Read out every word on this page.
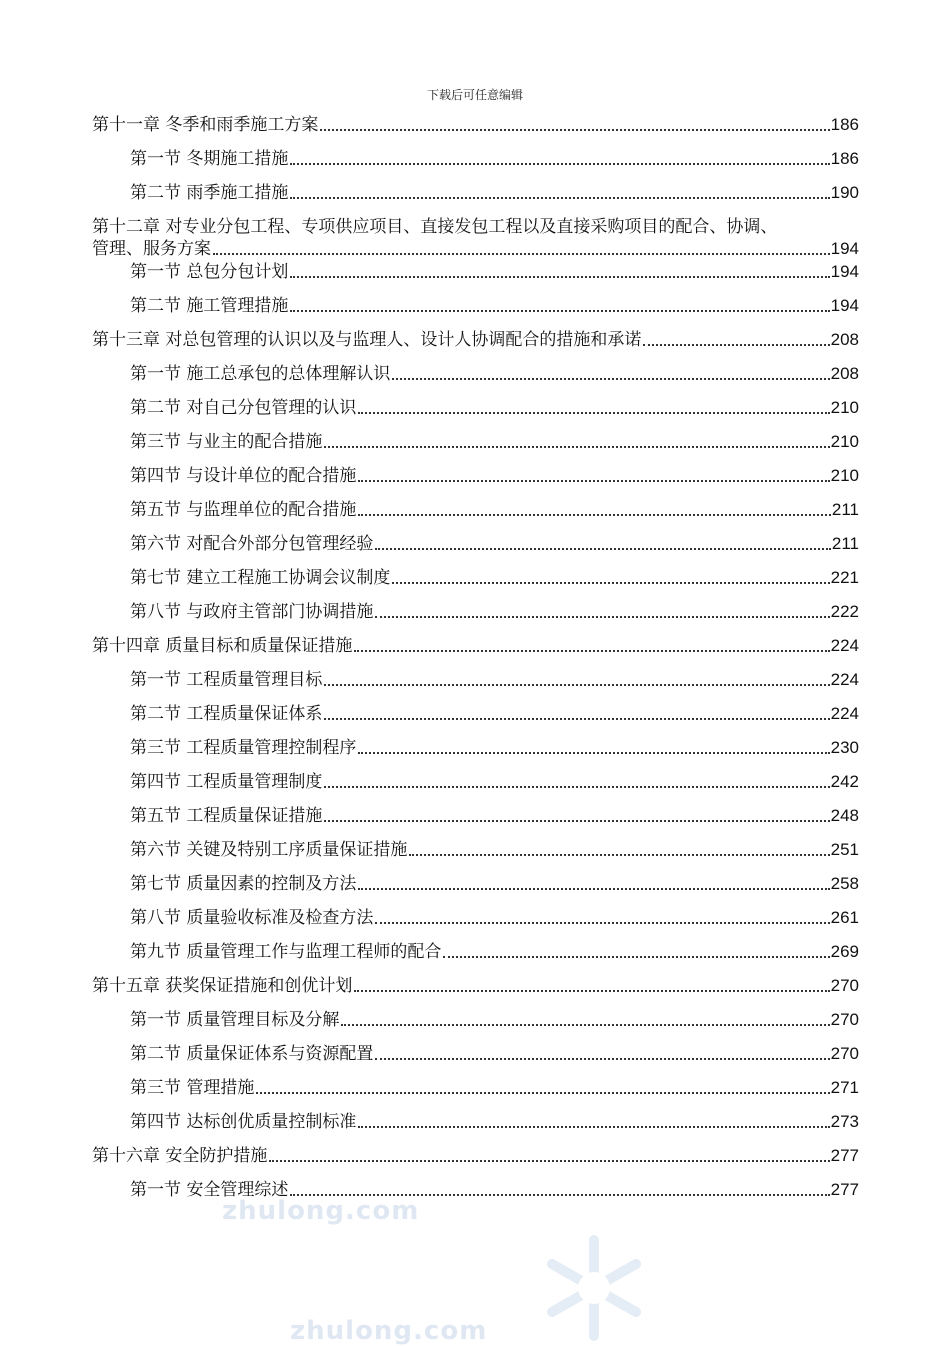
下载后可任意编辑
第十一章 冬季和雨季施工方案	186
第一节 冬期施工措施	186
第二节 雨季施工措施	190
第十二章 对专业分包工程、专项供应项目、直接发包工程以及直接采购项目的配合、协调、
管理、服务方案	194
第一节 总包分包计划	194
第二节 施工管理措施	194
第十三章 对总包管理的认识以及与监理人、设计人协调配合的措施和承诺	208
第一节 施工总承包的总体理解认识	208
第二节 对自己分包管理的认识	210
第三节 与业主的配合措施	210
第四节 与设计单位的配合措施	210
第五节 与监理单位的配合措施	211
第六节 对配合外部分包管理经验	211
第七节 建立工程施工协调会议制度	221
第八节 与政府主管部门协调措施	222
第十四章 质量目标和质量保证措施	224
第一节 工程质量管理目标	224
第二节 工程质量保证体系	224
第三节 工程质量管理控制程序	230
第四节 工程质量管理制度	242
第五节 工程质量保证措施	248
第六节 关键及特别工序质量保证措施	251
第七节 质量因素的控制及方法	258
第八节 质量验收标准及检查方法	261
第九节 质量管理工作与监理工程师的配合	269
第十五章 获奖保证措施和创优计划	270
第一节 质量管理目标及分解	270
第二节 质量保证体系与资源配置	270
第三节 管理措施	271
第四节 达标创优质量控制标准	273
第十六章 安全防护措施	277
第一节 安全管理综述	277
zhulong.com
zhulong.com
